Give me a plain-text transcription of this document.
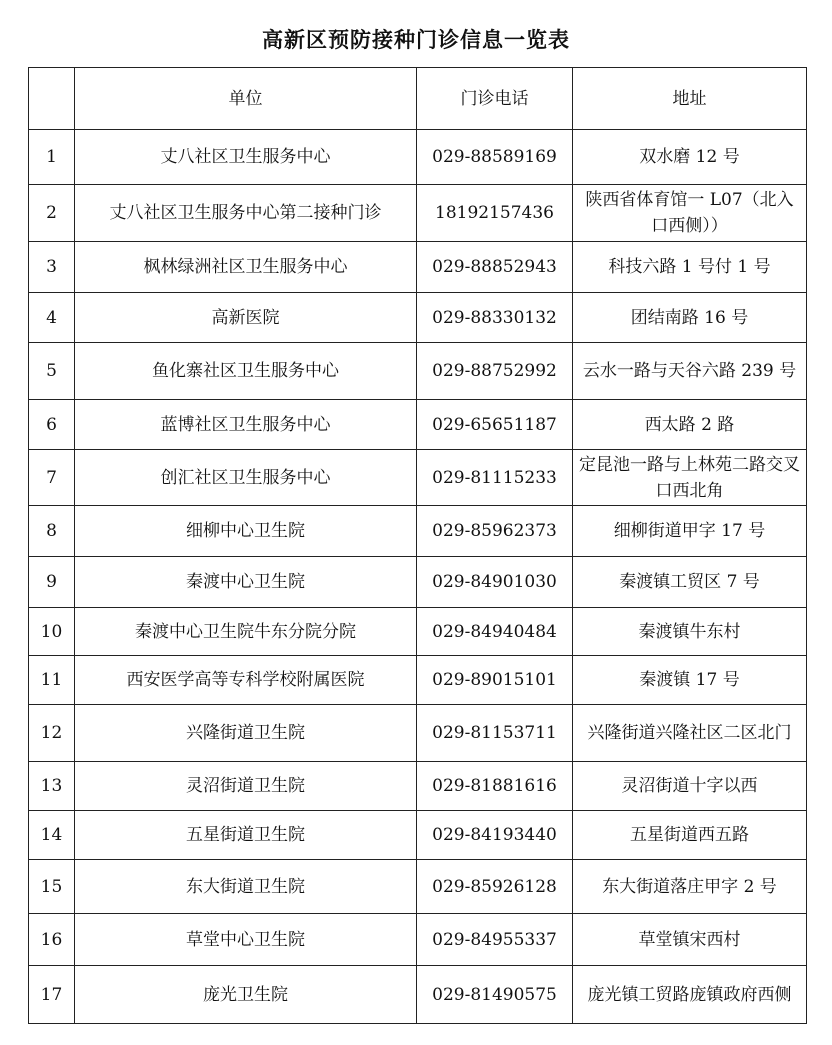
高新区预防接种门诊信息一览表
	单位	门诊电话	地址
1	丈八社区卫生服务中心	029-88589169	双水磨 12 号
2	丈八社区卫生服务中心第二接种门诊	18192157436	陕西省体育馆一 L07（北入口西侧））
3	枫林绿洲社区卫生服务中心	029-88852943	科技六路 1 号付 1 号
4	高新医院	029-88330132	团结南路 16 号
5	鱼化寨社区卫生服务中心	029-88752992	云水一路与天谷六路 239 号
6	蓝博社区卫生服务中心	029-65651187	西太路 2 路
7	创汇社区卫生服务中心	029-81115233	定昆池一路与上林苑二路交叉口西北角
8	细柳中心卫生院	029-85962373	细柳街道甲字 17 号
9	秦渡中心卫生院	029-84901030	秦渡镇工贸区 7 号
10	秦渡中心卫生院牛东分院分院	029-84940484	秦渡镇牛东村
11	西安医学高等专科学校附属医院	029-89015101	秦渡镇 17 号
12	兴隆街道卫生院	029-81153711	兴隆街道兴隆社区二区北门
13	灵沼街道卫生院	029-81881616	灵沼街道十字以西
14	五星街道卫生院	029-84193440	五星街道西五路
15	东大街道卫生院	029-85926128	东大街道落庄甲字 2 号
16	草堂中心卫生院	029-84955337	草堂镇宋西村
17	庞光卫生院	029-81490575	庞光镇工贸路庞镇政府西侧
